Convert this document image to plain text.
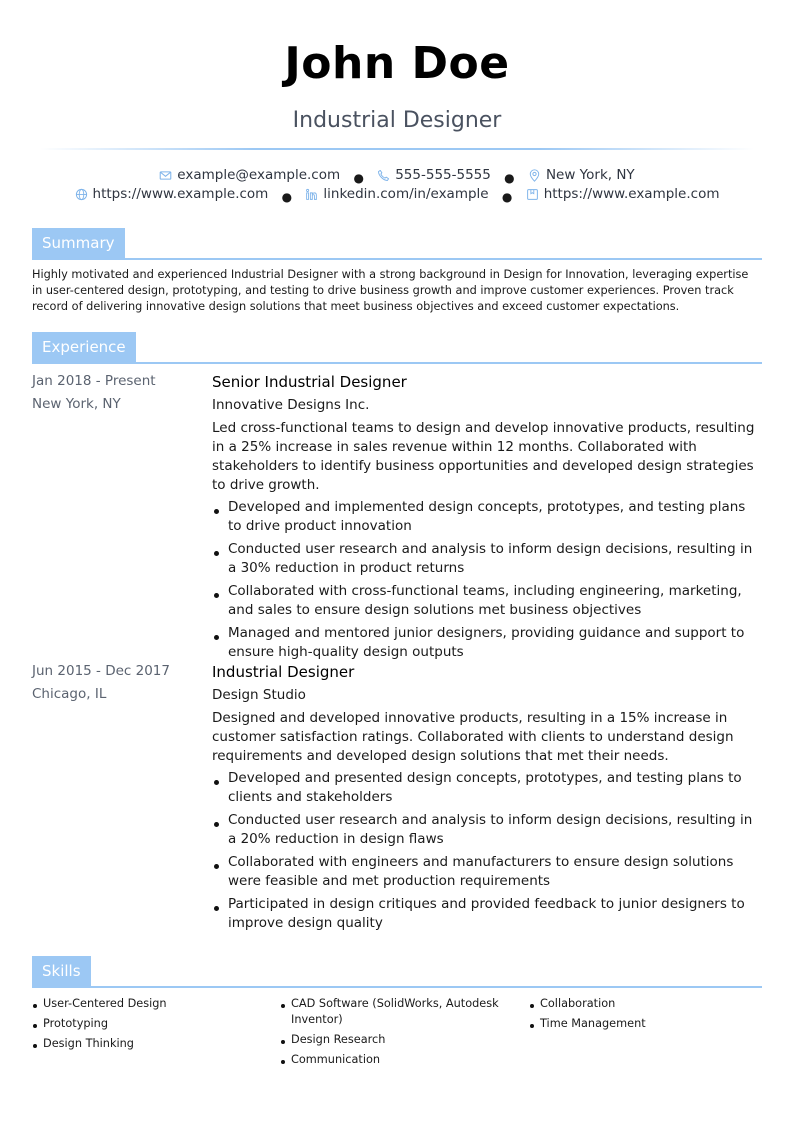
John Doe
Industrial Designer
example@example.com ● 555-555-5555 ● New York, NY
https://www.example.com ● linkedin.com/in/example ● https://www.example.com
Summary
Highly motivated and experienced Industrial Designer with a strong background in Design for Innovation, leveraging expertise in user-centered design, prototyping, and testing to drive business growth and improve customer experiences. Proven track record of delivering innovative design solutions that meet business objectives and exceed customer expectations.
Experience
Jan 2018 - Present
New York, NY
Senior Industrial Designer
Innovative Designs Inc.
Led cross-functional teams to design and develop innovative products, resulting in a 25% increase in sales revenue within 12 months. Collaborated with stakeholders to identify business opportunities and developed design strategies to drive growth.
Developed and implemented design concepts, prototypes, and testing plans to drive product innovation
Conducted user research and analysis to inform design decisions, resulting in a 30% reduction in product returns
Collaborated with cross-functional teams, including engineering, marketing, and sales to ensure design solutions met business objectives
Managed and mentored junior designers, providing guidance and support to ensure high-quality design outputs
Jun 2015 - Dec 2017
Chicago, IL
Industrial Designer
Design Studio
Designed and developed innovative products, resulting in a 15% increase in customer satisfaction ratings. Collaborated with clients to understand design requirements and developed design solutions that met their needs.
Developed and presented design concepts, prototypes, and testing plans to clients and stakeholders
Conducted user research and analysis to inform design decisions, resulting in a 20% reduction in design flaws
Collaborated with engineers and manufacturers to ensure design solutions were feasible and met production requirements
Participated in design critiques and provided feedback to junior designers to improve design quality
Skills
User-Centered Design
Prototyping
Design Thinking
CAD Software (SolidWorks, Autodesk Inventor)
Design Research
Communication
Collaboration
Time Management
